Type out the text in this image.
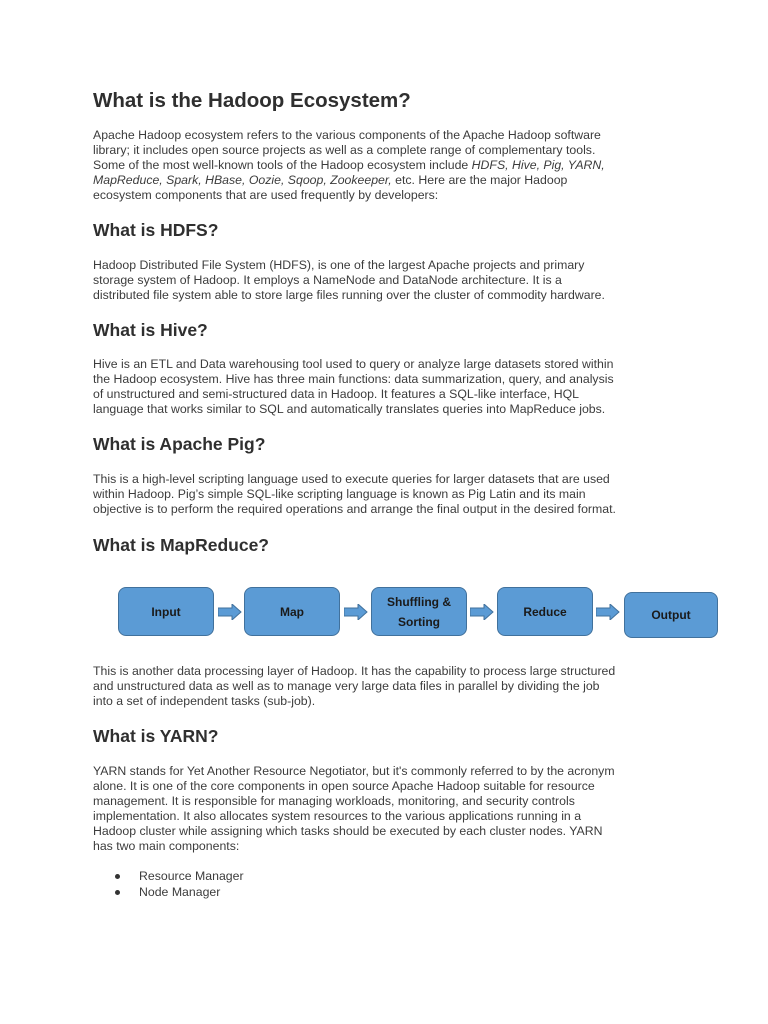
What is the Hadoop Ecosystem?
Apache Hadoop ecosystem refers to the various components of the Apache Hadoop software
library; it includes open source projects as well as a complete range of complementary tools.
Some of the most well-known tools of the Hadoop ecosystem include HDFS, Hive, Pig, YARN,
MapReduce, Spark, HBase, Oozie, Sqoop, Zookeeper, etc. Here are the major Hadoop
ecosystem components that are used frequently by developers:
What is HDFS?
Hadoop Distributed File System (HDFS), is one of the largest Apache projects and primary
storage system of Hadoop. It employs a NameNode and DataNode architecture. It is a
distributed file system able to store large files running over the cluster of commodity hardware.
What is Hive?
Hive is an ETL and Data warehousing tool used to query or analyze large datasets stored within
the Hadoop ecosystem. Hive has three main functions: data summarization, query, and analysis
of unstructured and semi-structured data in Hadoop. It features a SQL-like interface, HQL
language that works similar to SQL and automatically translates queries into MapReduce jobs.
What is Apache Pig?
This is a high-level scripting language used to execute queries for larger datasets that are used
within Hadoop. Pig’s simple SQL-like scripting language is known as Pig Latin and its main
objective is to perform the required operations and arrange the final output in the desired format.
What is MapReduce?
Input	Map
Shuffling &
Sorting
Reduce	Output
This is another data processing layer of Hadoop. It has the capability to process large structured
and unstructured data as well as to manage very large data files in parallel by dividing the job
into a set of independent tasks (sub-job).
What is YARN?
YARN stands for Yet Another Resource Negotiator, but it's commonly referred to by the acronym
alone. It is one of the core components in open source Apache Hadoop suitable for resource
management. It is responsible for managing workloads, monitoring, and security controls
implementation. It also allocates system resources to the various applications running in a
Hadoop cluster while assigning which tasks should be executed by each cluster nodes. YARN
has two main components:
Resource Manager
Node Manager
